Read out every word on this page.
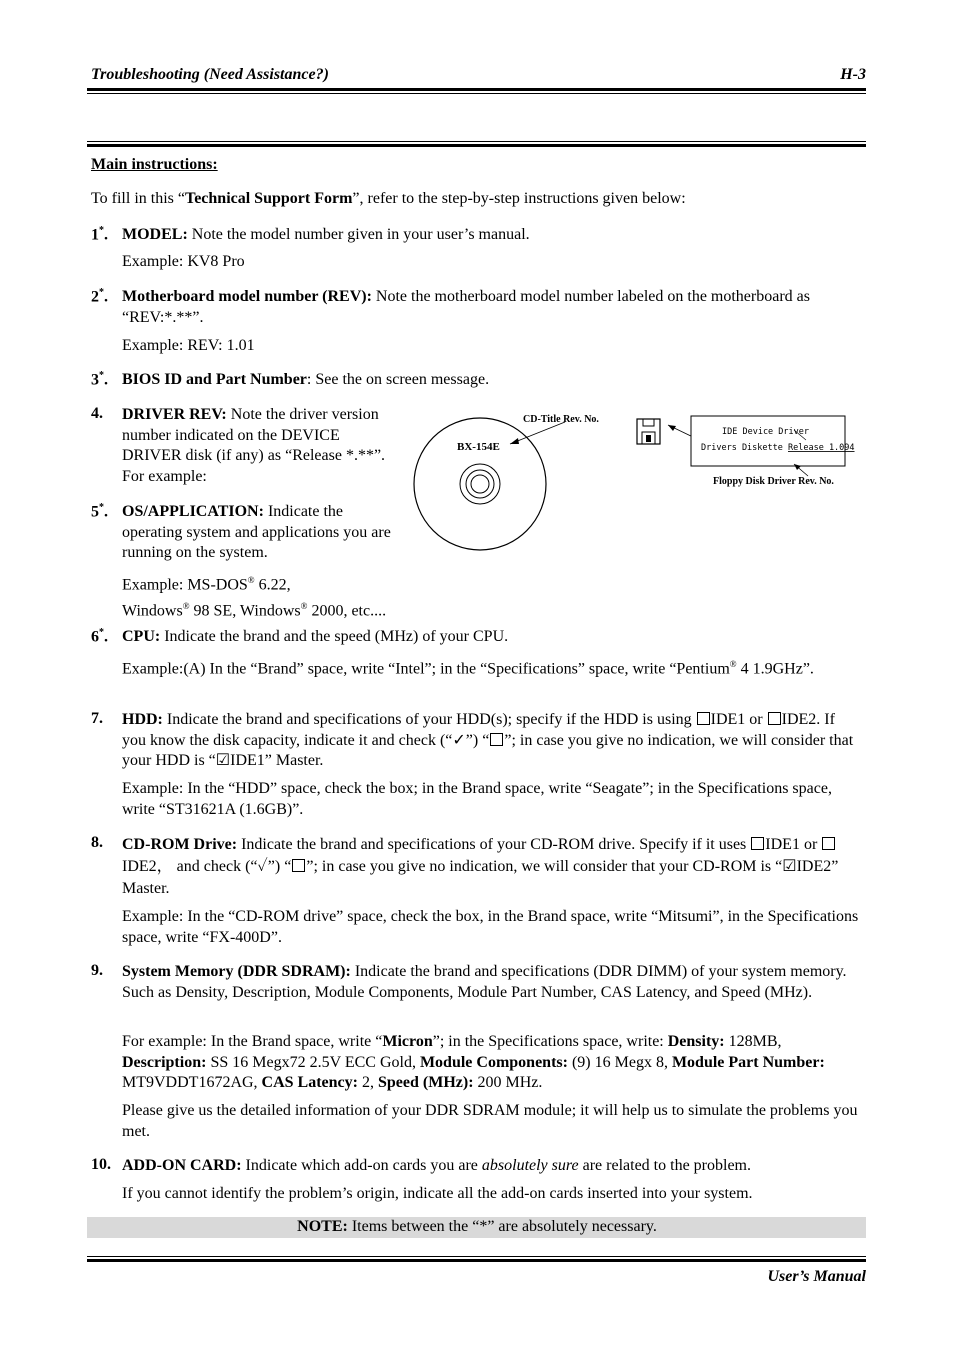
Troubleshooting (Need Assistance?)	H-3
Main instructions:
To fill in this “Technical Support Form”, refer to the step-by-step instructions given below:
1*. MODEL: Note the model number given in your user’s manual.
Example: KV8 Pro
2*. Motherboard model number (REV): Note the motherboard model number labeled on the motherboard as “REV:*.**”.
Example: REV: 1.01
3*. BIOS ID and Part Number: See the on screen message.
4. DRIVER REV: Note the driver version number indicated on the DEVICE DRIVER disk (if any) as “Release *.**”. For example:
5*. OS/APPLICATION: Indicate the operating system and applications you are running on the system.
Example: MS-DOS® 6.22,
Windows® 98 SE, Windows® 2000, etc....
BX-154E
CD-Title Rev. No.
IDE Device Driver
Drivers Diskette Release 1.094
Floppy Disk Driver Rev. No.
6*. CPU: Indicate the brand and the speed (MHz) of your CPU.
Example:(A) In the “Brand” space, write “Intel”; in the “Specifications” space, write “Pentium® 4 1.9GHz”.
7. HDD: Indicate the brand and specifications of your HDD(s); specify if the HDD is using IDE1 or IDE2. If you know the disk capacity, indicate it and check (“✓”) “ ”; in case you give no indication, we will consider that your HDD is “☑IDE1” Master.
Example: In the “HDD” space, check the box; in the Brand space, write “Seagate”; in the Specifications space, write “ST31621A (1.6GB)”.
8. CD-ROM Drive: Indicate the brand and specifications of your CD-ROM drive. Specify if it uses IDE1 or IDE2， and check (“✓”) “ ”; in case you give no indication, we will consider that your CD-ROM is “☑IDE2” Master.
Example: In the “CD-ROM drive” space, check the box, in the Brand space, write “Mitsumi”, in the Specifications space, write “FX-400D”.
9. System Memory (DDR SDRAM): Indicate the brand and specifications (DDR DIMM) of your system memory. Such as Density, Description, Module Components, Module Part Number, CAS Latency, and Speed (MHz).
For example: In the Brand space, write “Micron”; in the Specifications space, write: Density: 128MB, Description: SS 16 Megx72 2.5V ECC Gold, Module Components: (9) 16 Megx 8, Module Part Number: MT9VDDT1672AG, CAS Latency: 2, Speed (MHz): 200 MHz.
Please give us the detailed information of your DDR SDRAM module; it will help us to simulate the problems you met.
10. ADD-ON CARD: Indicate which add-on cards you are absolutely sure are related to the problem.
If you cannot identify the problem’s origin, indicate all the add-on cards inserted into your system.
NOTE: Items between the “*” are absolutely necessary.
User’s Manual
